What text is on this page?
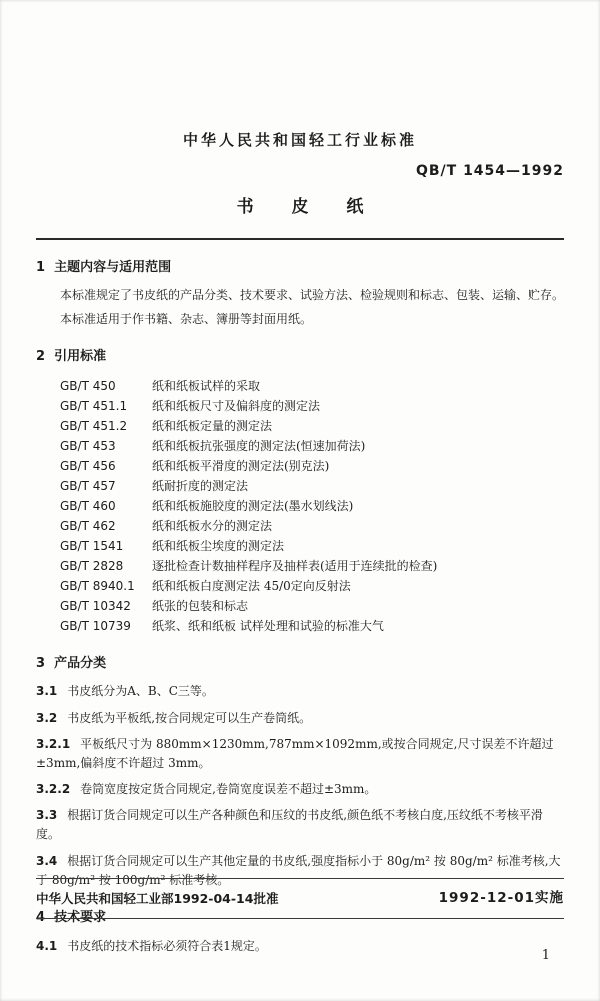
中华人民共和国轻工行业标准
QB/T 1454—1992
书 皮 纸
1  主题内容与适用范围

本标准规定了书皮纸的产品分类、技术要求、试验方法、检验规则和标志、包装、运输、贮存。

本标准适用于作书籍、杂志、簿册等封面用纸。

2  引用标准
GB/T 450	纸和纸板试样的采取
GB/T 451.1	纸和纸板尺寸及偏斜度的测定法
GB/T 451.2	纸和纸板定量的测定法
GB/T 453	纸和纸板抗张强度的测定法(恒速加荷法)
GB/T 456	纸和纸板平滑度的测定法(别克法)
GB/T 457	纸耐折度的测定法
GB/T 460	纸和纸板施胶度的测定法(墨水划线法)
GB/T 462	纸和纸板水分的测定法
GB/T 1541	纸和纸板尘埃度的测定法
GB/T 2828	逐批检查计数抽样程序及抽样表(适用于连续批的检查)
GB/T 8940.1	纸和纸板白度测定法 45/0定向反射法
GB/T 10342	纸张的包装和标志
GB/T 10739	纸浆、纸和纸板 试样处理和试验的标准大气
3  产品分类

3.1 书皮纸分为A、B、C三等。

3.2 书皮纸为平板纸,按合同规定可以生产卷筒纸。

3.2.1 平板纸尺寸为 880mm×1230mm,787mm×1092mm,或按合同规定,尺寸误差不许超过±3mm,偏斜度不许超过 3mm。

3.2.2 卷筒宽度按定货合同规定,卷筒宽度误差不超过±3mm。

3.3 根据订货合同规定可以生产各种颜色和压纹的书皮纸,颜色纸不考核白度,压纹纸不考核平滑度。

3.4 根据订货合同规定可以生产其他定量的书皮纸,强度指标小于 80g/m² 按 80g/m² 标准考核,大于 80g/m² 按 100g/m² 标准考核。

4  技术要求

4.1 书皮纸的技术指标必须符合表1规定。

中华人民共和国轻工业部1992-04-14批准	1992-12-01实施
1
